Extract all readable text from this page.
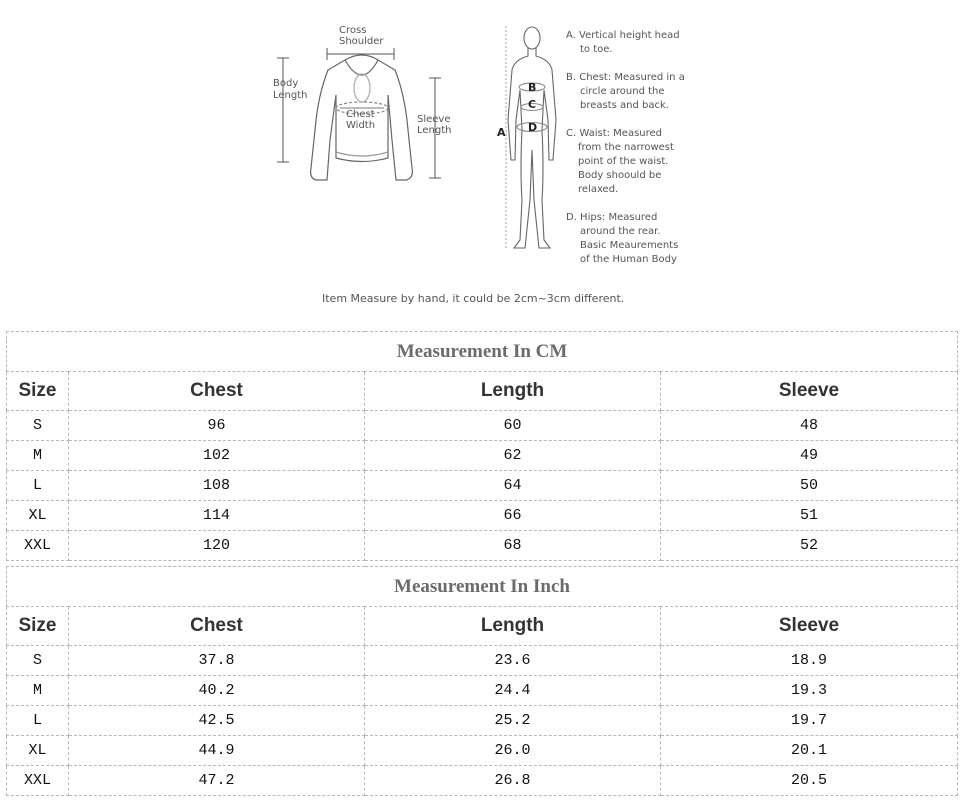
Cross
Shoulder
Body
Length
Chest
Width
Sleeve
Length	A
B
C
D
A. Vertical height head
to toe.
B. Chest: Measured in a
circle around the
breasts and back.
C. Waist: Measured
from the narrowest
point of the waist.
Body shoould be
relaxed.
D. Hips: Measured
around the rear.
Basic Meaurements
of the Human Body
Item Measure by hand, it could be 2cm~3cm different.
Measurement In CM			
Size	Chest	Length	Sleeve
S	96	60	48
M	102	62	49
L	108	64	50
XL	114	66	51
XXL	120	68	52
Measurement In Inch			
Size	Chest	Length	Sleeve
S	37.8	23.6	18.9
M	40.2	24.4	19.3
L	42.5	25.2	19.7
XL	44.9	26.0	20.1
XXL	47.2	26.8	20.5
